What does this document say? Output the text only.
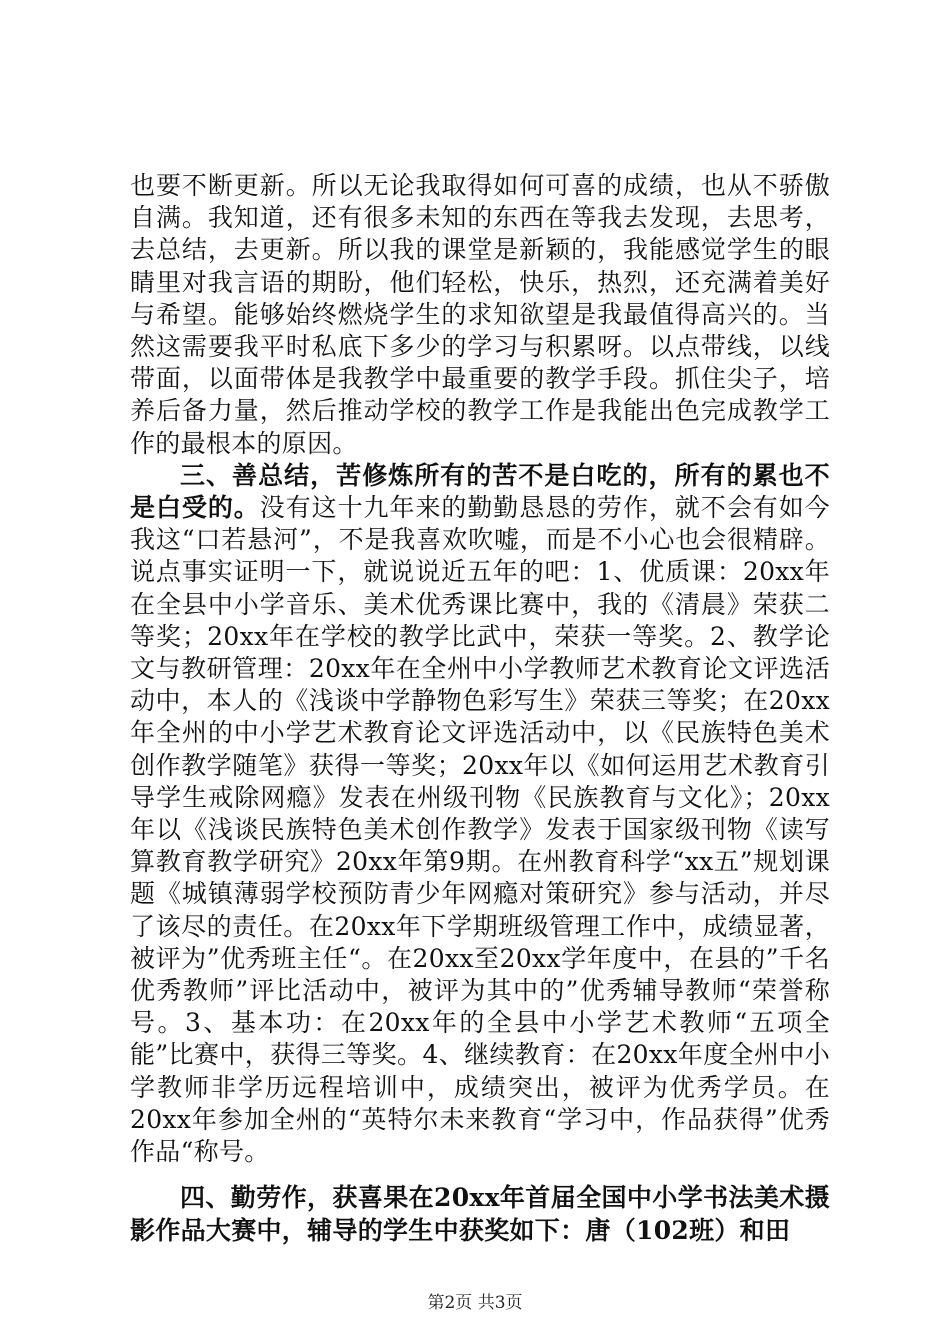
也要不断更新。所以无论我取得如何可喜的成绩，也从不骄傲自满。我知道，还有很多未知的东西在等我去发现，去思考，去总结，去更新。所以我的课堂是新颖的，我能感觉学生的眼睛里对我言语的期盼，他们轻松，快乐，热烈，还充满着美好与希望。能够始终燃烧学生的求知欲望是我最值得高兴的。当然这需要我平时私底下多少的学习与积累呀。以点带线，以线带面，以面带体是我教学中最重要的教学手段。抓住尖子，培养后备力量，然后推动学校的教学工作是我能出色完成教学工作的最根本的原因。

三、善总结，苦修炼所有的苦不是白吃的，所有的累也不是白受的。没有这十九年来的勤勤恳恳的劳作，就不会有如今我这“口若悬河”，不是我喜欢吹嘘，而是不小心也会很精辟。说点事实证明一下，就说说近五年的吧：1、优质课：20xx年在全县中小学音乐、美术优秀课比赛中，我的《清晨》荣获二等奖；20xx年在学校的教学比武中，荣获一等奖。2、教学论文与教研管理：20xx年在全州中小学教师艺术教育论文评选活动中，本人的《浅谈中学静物色彩写生》荣获三等奖；在20xx年全州的中小学艺术教育论文评选活动中，以《民族特色美术创作教学随笔》获得一等奖；20xx年以《如何运用艺术教育引导学生戒除网瘾》发表在州级刊物《民族教育与文化》；20xx年以《浅谈民族特色美术创作教学》发表于国家级刊物《读写算教育教学研究》20xx年第9期。在州教育科学“xx五”规划课题《城镇薄弱学校预防青少年网瘾对策研究》参与活动，并尽了该尽的责任。在20xx年下学期班级管理工作中，成绩显著，被评为”优秀班主任“。在20xx至20xx学年度中，在县的”千名优秀教师”评比活动中，被评为其中的”优秀辅导教师“荣誉称号。3、基本功：在20xx年的全县中小学艺术教师“五项全能”比赛中，获得三等奖。4、继续教育：在20xx年度全州中小学教师非学历远程培训中，成绩突出，被评为优秀学员。在20xx年参加全州的“英特尔未来教育“学习中，作品获得”优秀作品“称号。

四、勤劳作，获喜果在20xx年首届全国中小学书法美术摄影作品大赛中，辅导的学生中获奖如下：唐（102班）和田

第2页 共3页
